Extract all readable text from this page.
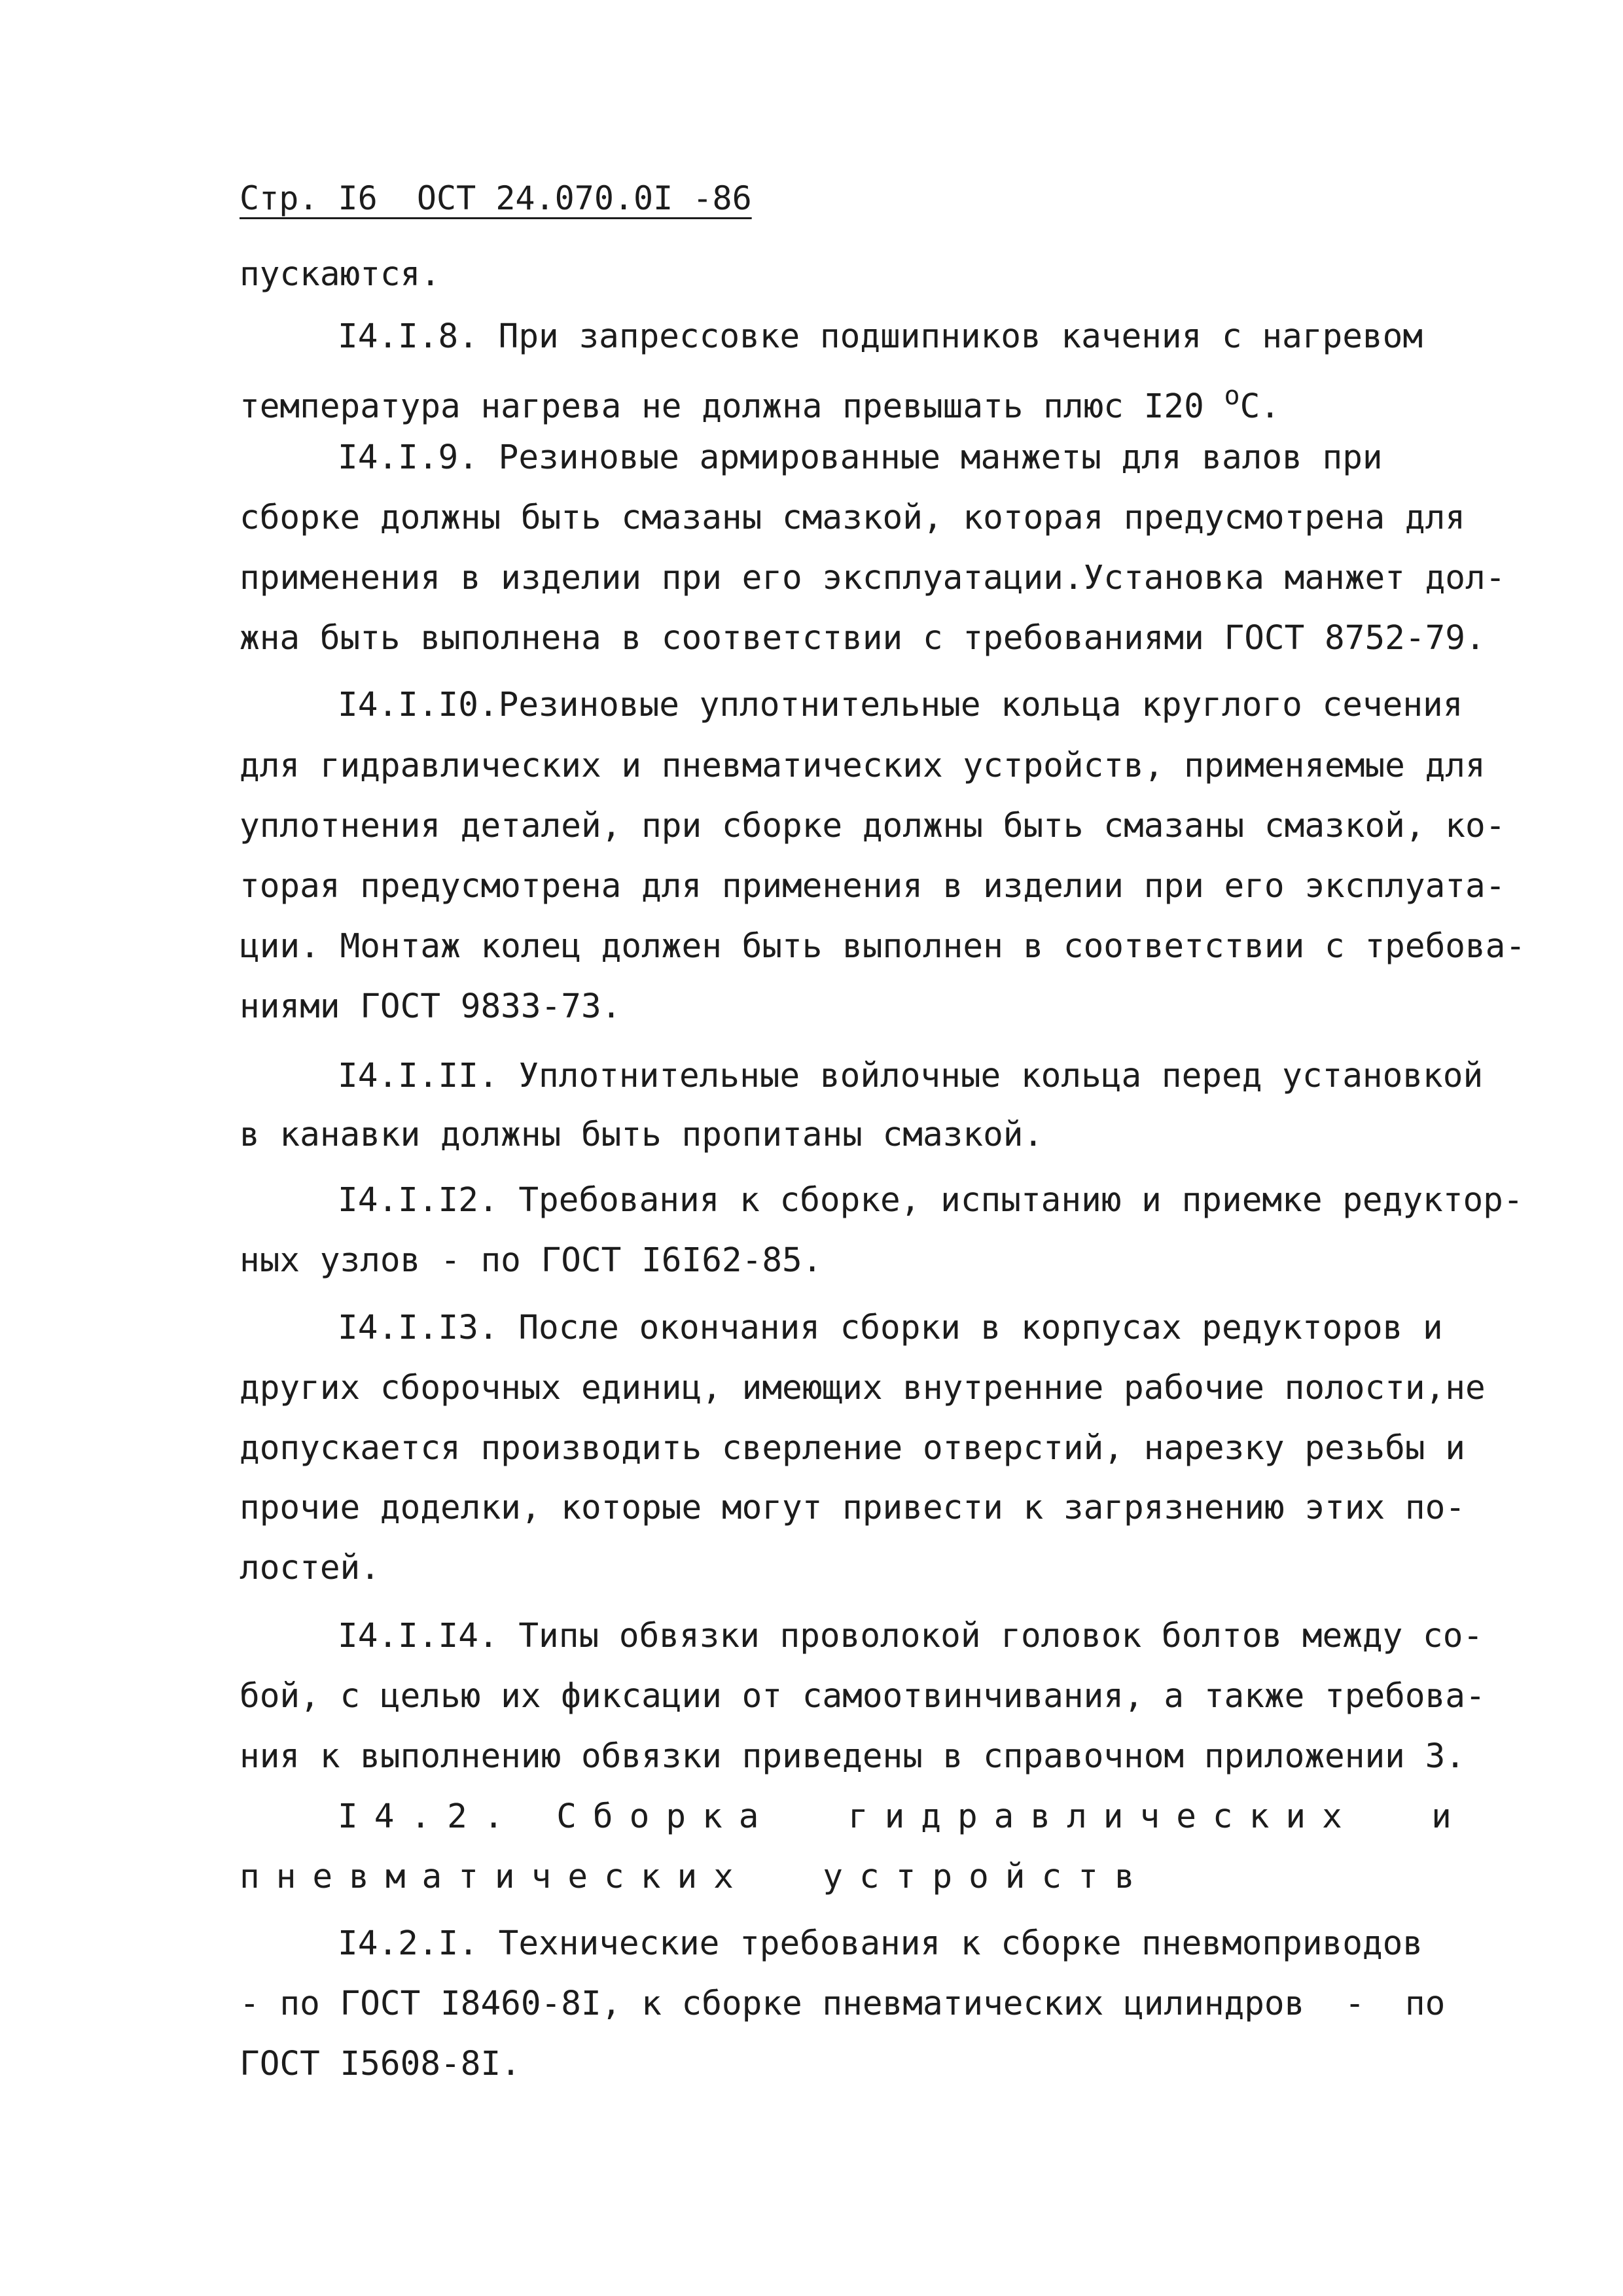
Стр. I6  ОСТ 24.070.0I -86
пускаются.
I4.I.8. При запрессовке подшипников качения с нагревом
температура нагрева не должна превышать плюс I20 $^о$С.
I4.I.9. Резиновые армированные манжеты для валов при
сборке должны быть смазаны смазкой, которая предусмотрена для
применения в изделии при его эксплуатации.Установка манжет дол-
жна быть выполнена в соответствии с требованиями ГОСТ 8752-79.
I4.I.I0.Резиновые уплотнительные кольца круглого сечения
для гидравлических и пневматических устройств, применяемые для
уплотнения деталей, при сборке должны быть смазаны смазкой, ко-
торая предусмотрена для применения в изделии при его эксплуата-
ции. Монтаж колец должен быть выполнен в соответствии с требова-
ниями ГОСТ 9833-73.
I4.I.II. Уплотнительные войлочные кольца перед установкой
в канавки должны быть пропитаны смазкой.
I4.I.I2. Требования к сборке, испытанию и приемке редуктор-
ных узлов - по ГОСТ I6I62-85.
I4.I.I3. После окончания сборки в корпусах редукторов и
других сборочных единиц, имеющих внутренние рабочие полости,не
допускается производить сверление отверстий, нарезку резьбы и
прочие доделки, которые могут привести к загрязнению этих по-
лостей.
I4.I.I4. Типы обвязки проволокой головок болтов между со-
бой, с целью их фиксации от самоотвинчивания, а также требова-
ния к выполнению обвязки приведены в справочном приложении 3.
I4.2. Сборка  гидравлических  и
пневматических  устройств
I4.2.I. Технические требования к сборке пневмоприводов
- по ГОСТ I8460-8I, к сборке пневматических цилиндров  -  по
ГОСТ I5608-8I.
